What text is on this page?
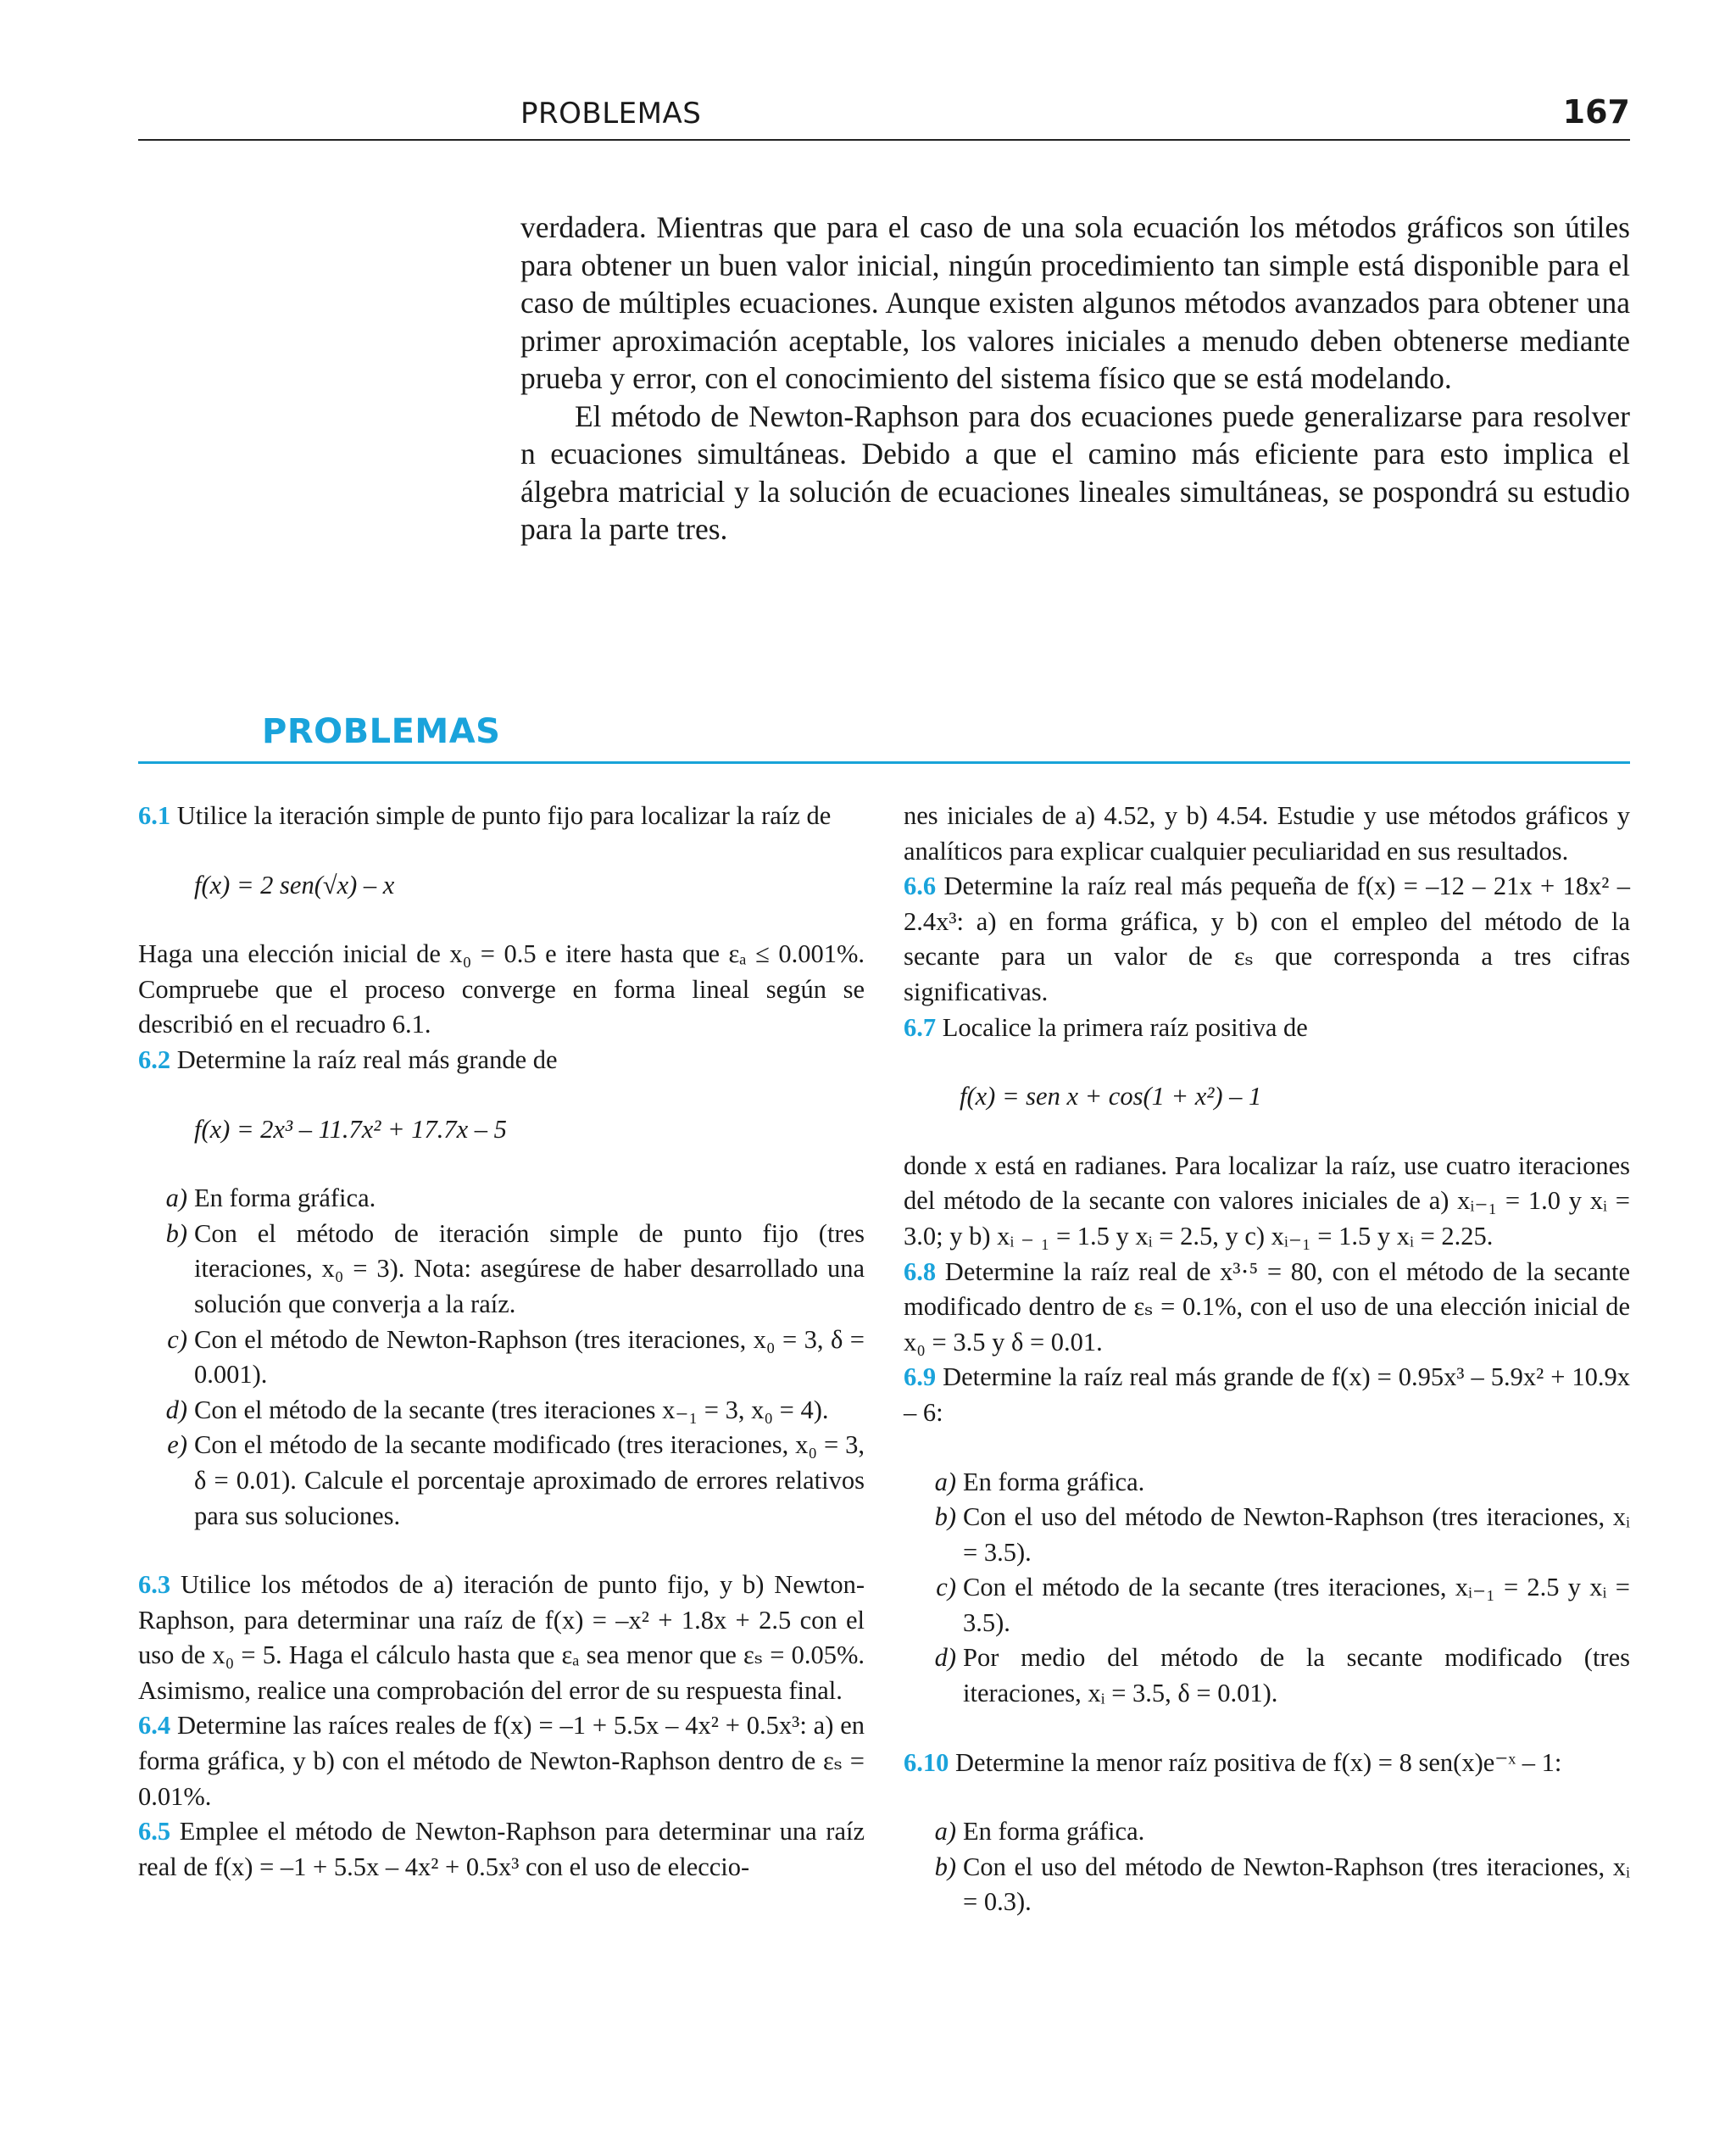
PROBLEMAS	167

verdadera. Mientras que para el caso de una sola ecuación los métodos gráficos son útiles para obtener un buen valor inicial, ningún procedimiento tan simple está disponible para el caso de múltiples ecuaciones. Aunque existen algunos métodos avanzados para obtener una primer aproximación aceptable, los valores iniciales a menudo deben obtenerse mediante prueba y error, con el conocimiento del sistema físico que se está modelando.

El método de Newton-Raphson para dos ecuaciones puede generalizarse para resolver n ecuaciones simultáneas. Debido a que el camino más eficiente para esto implica el álgebra matricial y la solución de ecuaciones lineales simultáneas, se pospondrá su estudio para la parte tres.

PROBLEMAS

6.1 Utilice la iteración simple de punto fijo para localizar la raíz de

f(x) = 2 sen(√x) – x

Haga una elección inicial de x₀ = 0.5 e itere hasta que εₐ ≤ 0.001%. Compruebe que el proceso converge en forma lineal según se describió en el recuadro 6.1.

6.2 Determine la raíz real más grande de

f(x) = 2x³ – 11.7x² + 17.7x – 5

a) En forma gráfica.
b) Con el método de iteración simple de punto fijo (tres iteraciones, x₀ = 3). Nota: asegúrese de haber desarrollado una solución que converja a la raíz.
c) Con el método de Newton-Raphson (tres iteraciones, x₀ = 3, δ = 0.001).
d) Con el método de la secante (tres iteraciones x₋₁ = 3, x₀ = 4).
e) Con el método de la secante modificado (tres iteraciones, x₀ = 3, δ = 0.01). Calcule el porcentaje aproximado de errores relativos para sus soluciones.

6.3 Utilice los métodos de a) iteración de punto fijo, y b) Newton-Raphson, para determinar una raíz de f(x) = –x² + 1.8x + 2.5 con el uso de x₀ = 5. Haga el cálculo hasta que εₐ sea menor que εₛ = 0.05%. Asimismo, realice una comprobación del error de su respuesta final.

6.4 Determine las raíces reales de f(x) = –1 + 5.5x – 4x² + 0.5x³: a) en forma gráfica, y b) con el método de Newton-Raphson dentro de εₛ = 0.01%.

6.5 Emplee el método de Newton-Raphson para determinar una raíz real de f(x) = –1 + 5.5x – 4x² + 0.5x³ con el uso de eleccio-

nes iniciales de a) 4.52, y b) 4.54. Estudie y use métodos gráficos y analíticos para explicar cualquier peculiaridad en sus resultados.

6.6 Determine la raíz real más pequeña de f(x) = –12 – 21x + 18x² – 2.4x³: a) en forma gráfica, y b) con el empleo del método de la secante para un valor de εₛ que corresponda a tres cifras significativas.

6.7 Localice la primera raíz positiva de

f(x) = sen x + cos(1 + x²) – 1

donde x está en radianes. Para localizar la raíz, use cuatro iteraciones del método de la secante con valores iniciales de a) xᵢ₋₁ = 1.0 y xᵢ = 3.0; y b) xᵢ ₋ ₁ = 1.5 y xᵢ = 2.5, y c) xᵢ₋₁ = 1.5 y xᵢ = 2.25.

6.8 Determine la raíz real de x³·⁵ = 80, con el método de la secante modificado dentro de εₛ = 0.1%, con el uso de una elección inicial de x₀ = 3.5 y δ = 0.01.

6.9 Determine la raíz real más grande de f(x) = 0.95x³ – 5.9x² + 10.9x – 6:

a) En forma gráfica.
b) Con el uso del método de Newton-Raphson (tres iteraciones, xᵢ = 3.5).
c) Con el método de la secante (tres iteraciones, xᵢ₋₁ = 2.5 y xᵢ = 3.5).
d) Por medio del método de la secante modificado (tres iteraciones, xᵢ = 3.5, δ = 0.01).

6.10 Determine la menor raíz positiva de f(x) = 8 sen(x)e⁻ˣ – 1:

a) En forma gráfica.
b) Con el uso del método de Newton-Raphson (tres iteraciones, xᵢ = 0.3).
